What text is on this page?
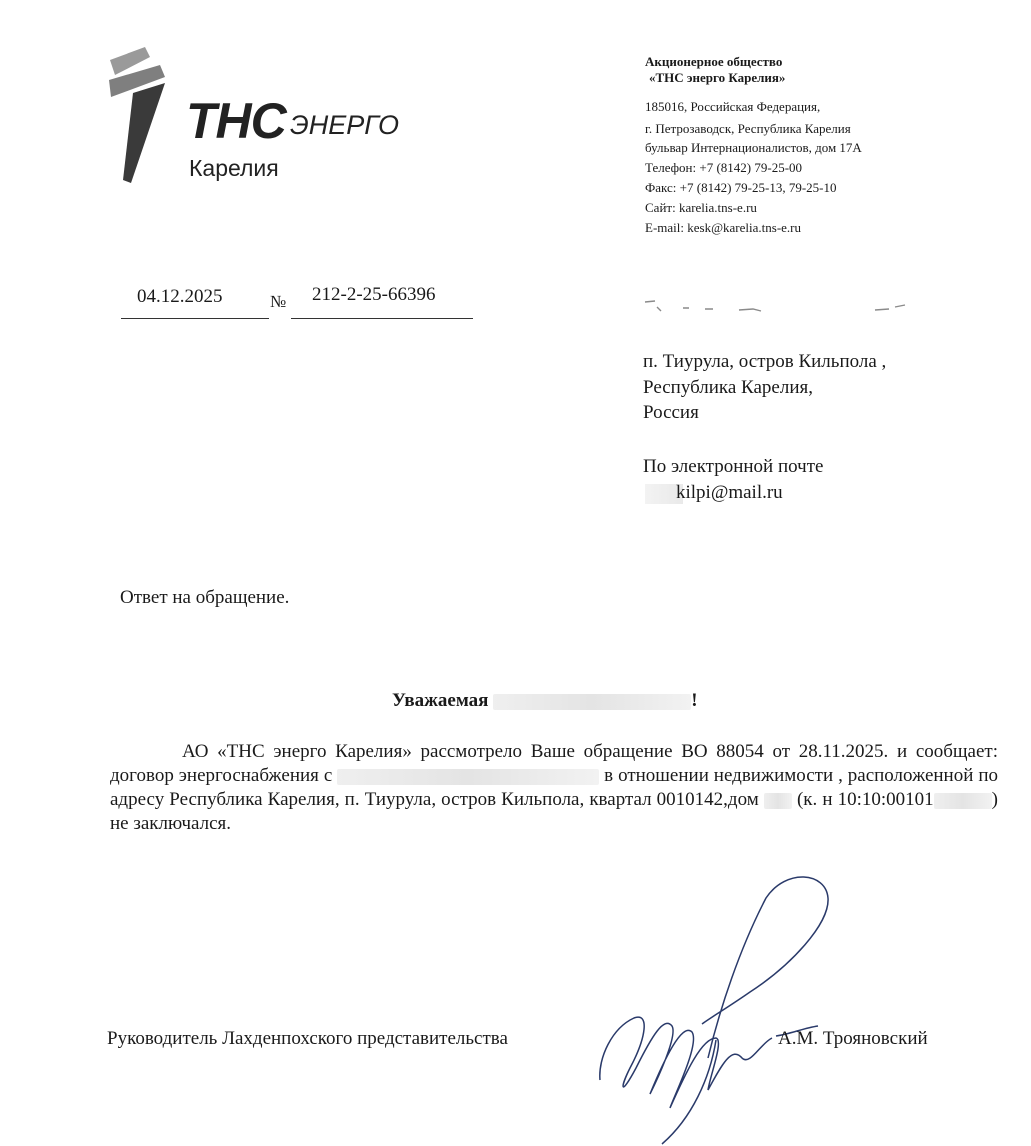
ТНС ЭНЕРГО
Карелия
Акционерное общество
«ТНС энерго Карелия»
185016, Российская Федерация,
г. Петрозаводск, Республика Карелия
бульвар Интернационалистов, дом 17А
Телефон: +7 (8142) 79-25-00
Факс: +7 (8142) 79-25-13, 79-25-10
Сайт: karelia.tns-e.ru
E-mail: kesk@karelia.tns-e.ru
04.12.2025	№ 212-2-25-66396
п. Тиурула, остров Кильпола ,
Республика Карелия,
Россия
По электронной почте
kilpi@mail.ru
Ответ на обращение.
Уважаемая	!

АО «ТНС энерго Карелия» рассмотрело Ваше обращение ВО 88054 от 28.11.2025. и сообщает: договор энергоснабжения с	в отношении недвижимости , расположенной по адресу Республика Карелия, п. Тиурула, остров Кильпола, квартал 0010142,дом (к. н 10:10:00101	) не заключался.

Руководитель Лахденпохского представительства	А.М. Трояновский
